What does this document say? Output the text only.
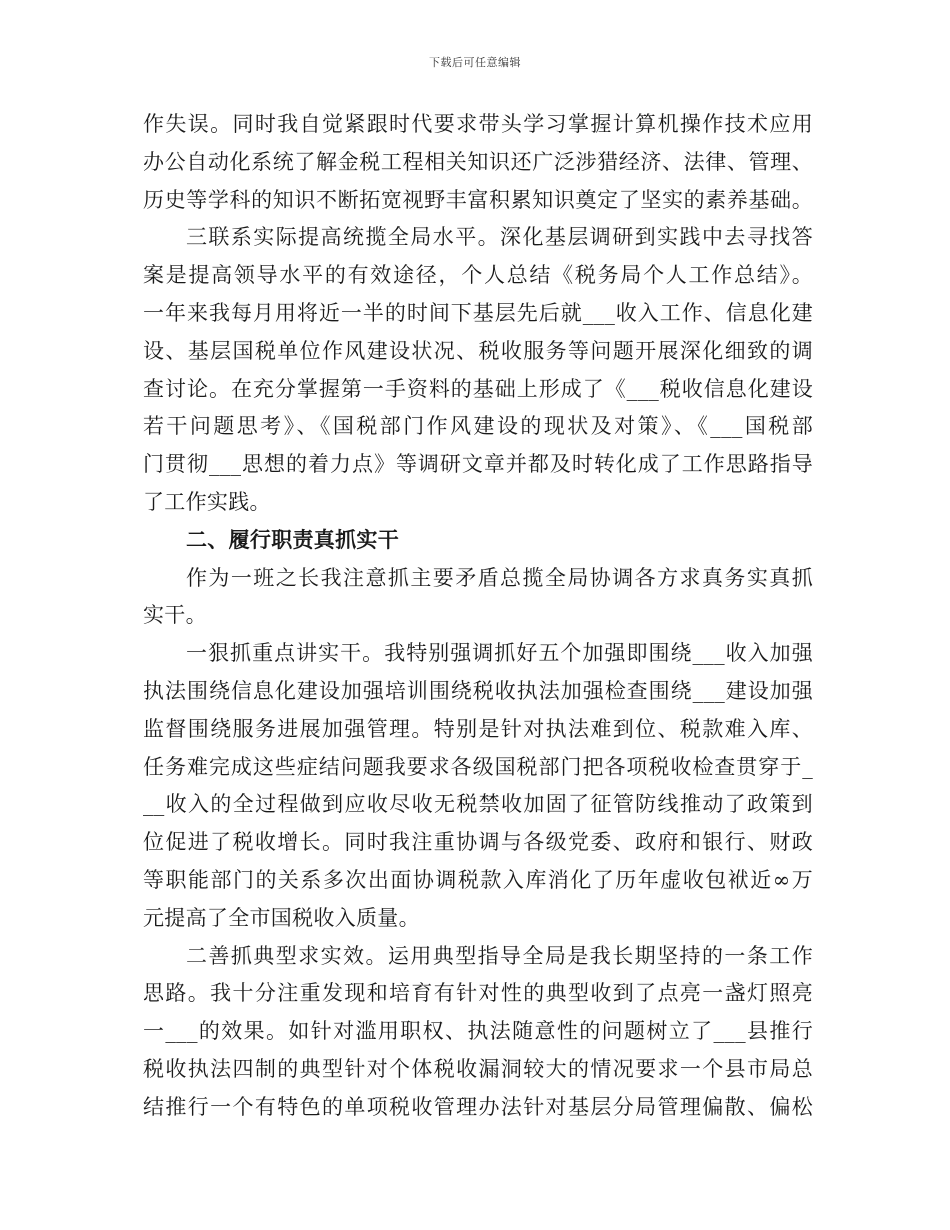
下载后可任意编辑
作失误。同时我自觉紧跟时代要求带头学习掌握计算机操作技术应用
办公自动化系统了解金税工程相关知识还广泛涉猎经济、法律、管理、
历史等学科的知识不断拓宽视野丰富积累知识奠定了坚实的素养基础。
三联系实际提高统揽全局水平。深化基层调研到实践中去寻找答
案是提高领导水平的有效途径，个人总结《税务局个人工作总结》。
一年来我每月用将近一半的时间下基层先后就___收入工作、信息化建
设、基层国税单位作风建设状况、税收服务等问题开展深化细致的调
查讨论。在充分掌握第一手资料的基础上形成了《___税收信息化建设
若干问题思考》、《国税部门作风建设的现状及对策》、《___国税部
门贯彻___思想的着力点》等调研文章并都及时转化成了工作思路指导
了工作实践。
二、履行职责真抓实干
作为一班之长我注意抓主要矛盾总揽全局协调各方求真务实真抓
实干。
一狠抓重点讲实干。我特别强调抓好五个加强即围绕___收入加强
执法围绕信息化建设加强培训围绕税收执法加强检查围绕___建设加强
监督围绕服务进展加强管理。特别是针对执法难到位、税款难入库、
任务难完成这些症结问题我要求各级国税部门把各项税收检查贯穿于_
__收入的全过程做到应收尽收无税禁收加固了征管防线推动了政策到
位促进了税收增长。同时我注重协调与各级党委、政府和银行、财政
等职能部门的关系多次出面协调税款入库消化了历年虚收包袱近∞万
元提高了全市国税收入质量。
二善抓典型求实效。运用典型指导全局是我长期坚持的一条工作
思路。我十分注重发现和培育有针对性的典型收到了点亮一盏灯照亮
一___的效果。如针对滥用职权、执法随意性的问题树立了___县推行
税收执法四制的典型针对个体税收漏洞较大的情况要求一个县市局总
结推行一个有特色的单项税收管理办法针对基层分局管理偏散、偏松
